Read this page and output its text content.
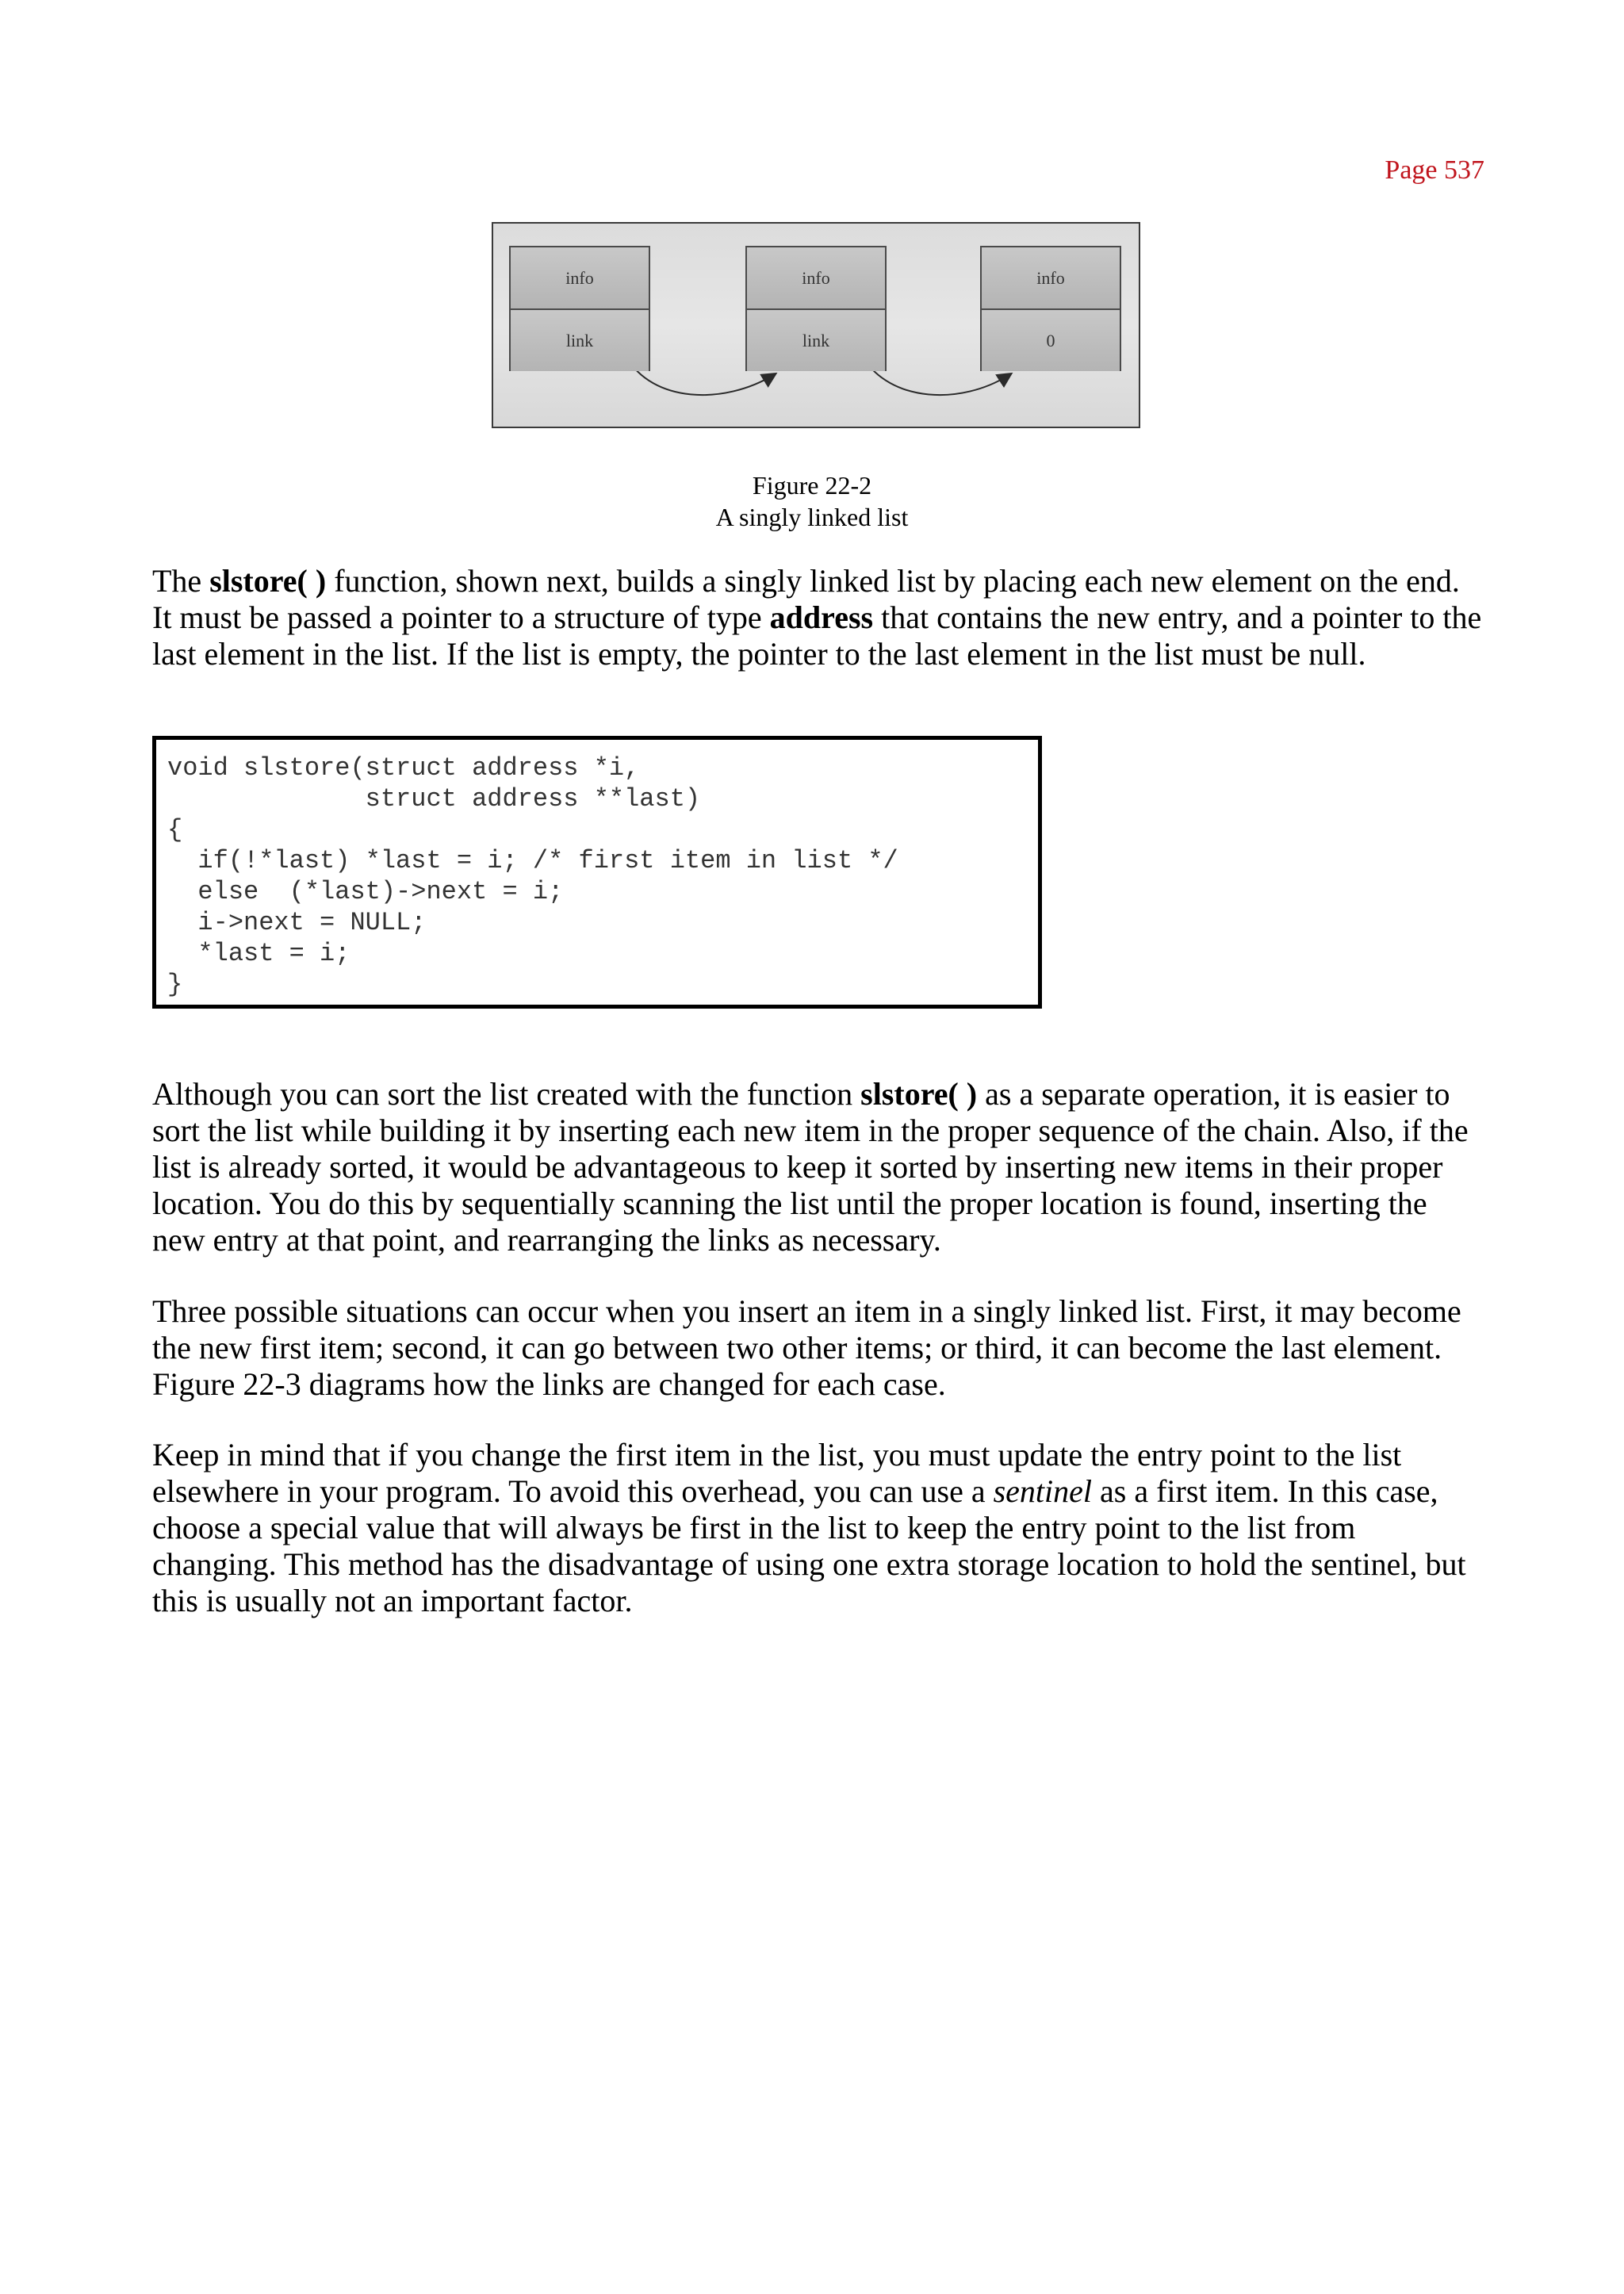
Page 537
info
link
info
link
info
0
Figure 22-2
A singly linked list
The slstore( ) function, shown next, builds a singly linked list by placing each new element on the end. It must be passed a pointer to a structure of type address that contains the new entry, and a pointer to the last element in the list. If the list is empty, the pointer to the last element in the list must be null.
void slstore(struct address *i,
struct address **last)
{
if(!*last) *last = i; /* first item in list */
else  (*last)->next = i;
i->next = NULL;
*last = i;
}
Although you can sort the list created with the function slstore( ) as a separate operation, it is easier to sort the list while building it by inserting each new item in the proper sequence of the chain. Also, if the list is already sorted, it would be advantageous to keep it sorted by inserting new items in their proper location. You do this by sequentially scanning the list until the proper location is found, inserting the new entry at that point, and rearranging the links as necessary.
Three possible situations can occur when you insert an item in a singly linked list. First, it may become the new first item; second, it can go between two other items; or third, it can become the last element. Figure 22-3 diagrams how the links are changed for each case.
Keep in mind that if you change the first item in the list, you must update the entry point to the list elsewhere in your program. To avoid this overhead, you can use a sentinel as a first item. In this case, choose a special value that will always be first in the list to keep the entry point to the list from changing. This method has the disadvantage of using one extra storage location to hold the sentinel, but this is usually not an important factor.
